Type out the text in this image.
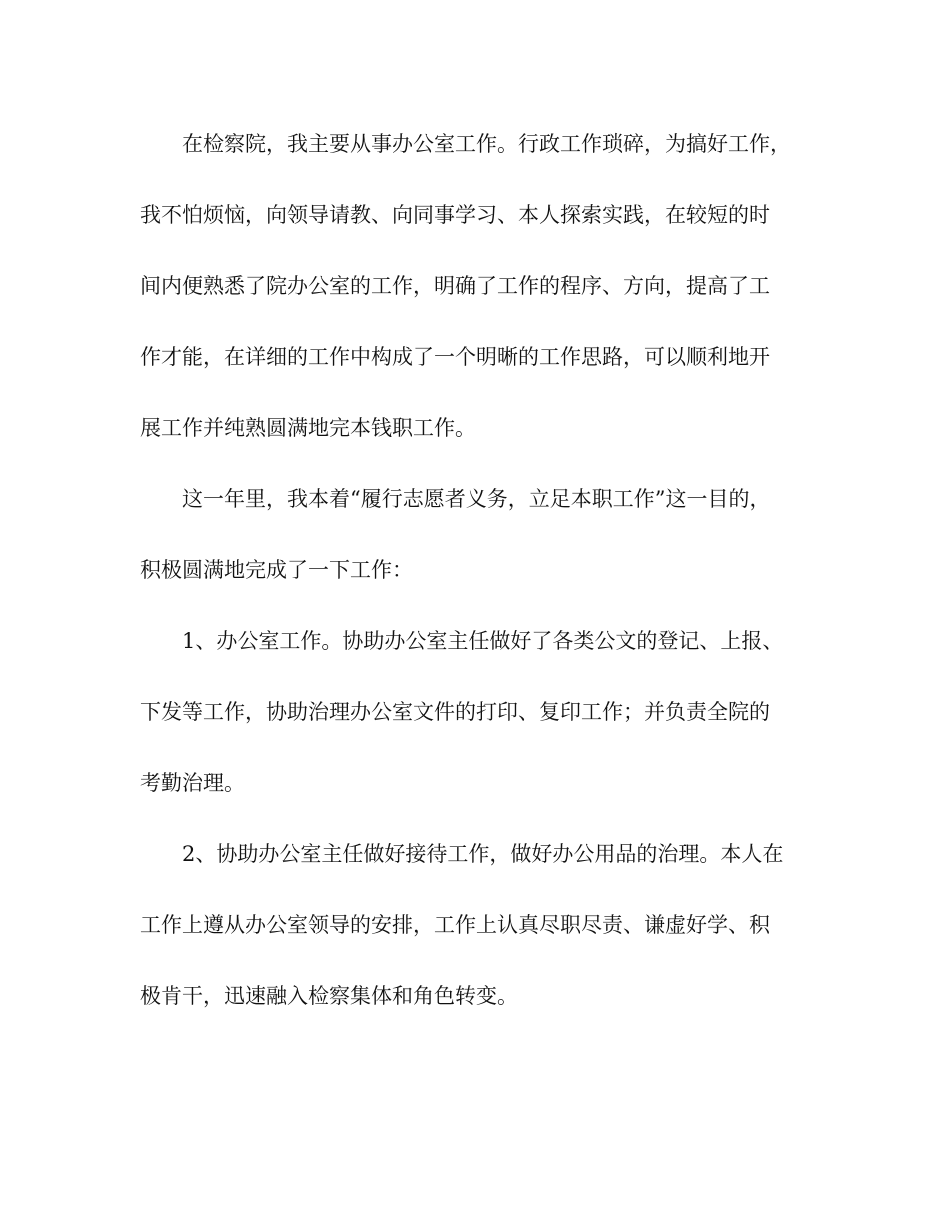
在检察院，我主要从事办公室工作。行政工作琐碎，为搞好工作，
我不怕烦恼，向领导请教、向同事学习、本人探索实践，在较短的时
间内便熟悉了院办公室的工作，明确了工作的程序、方向，提高了工
作才能，在详细的工作中构成了一个明晰的工作思路，可以顺利地开
展工作并纯熟圆满地完本钱职工作。
这一年里，我本着“履行志愿者义务，立足本职工作”这一目的，
积极圆满地完成了一下工作：
1、办公室工作。协助办公室主任做好了各类公文的登记、上报、
下发等工作，协助治理办公室文件的打印、复印工作；并负责全院的
考勤治理。
2、协助办公室主任做好接待工作，做好办公用品的治理。本人在
工作上遵从办公室领导的安排，工作上认真尽职尽责、谦虚好学、积
极肯干，迅速融入检察集体和角色转变。
